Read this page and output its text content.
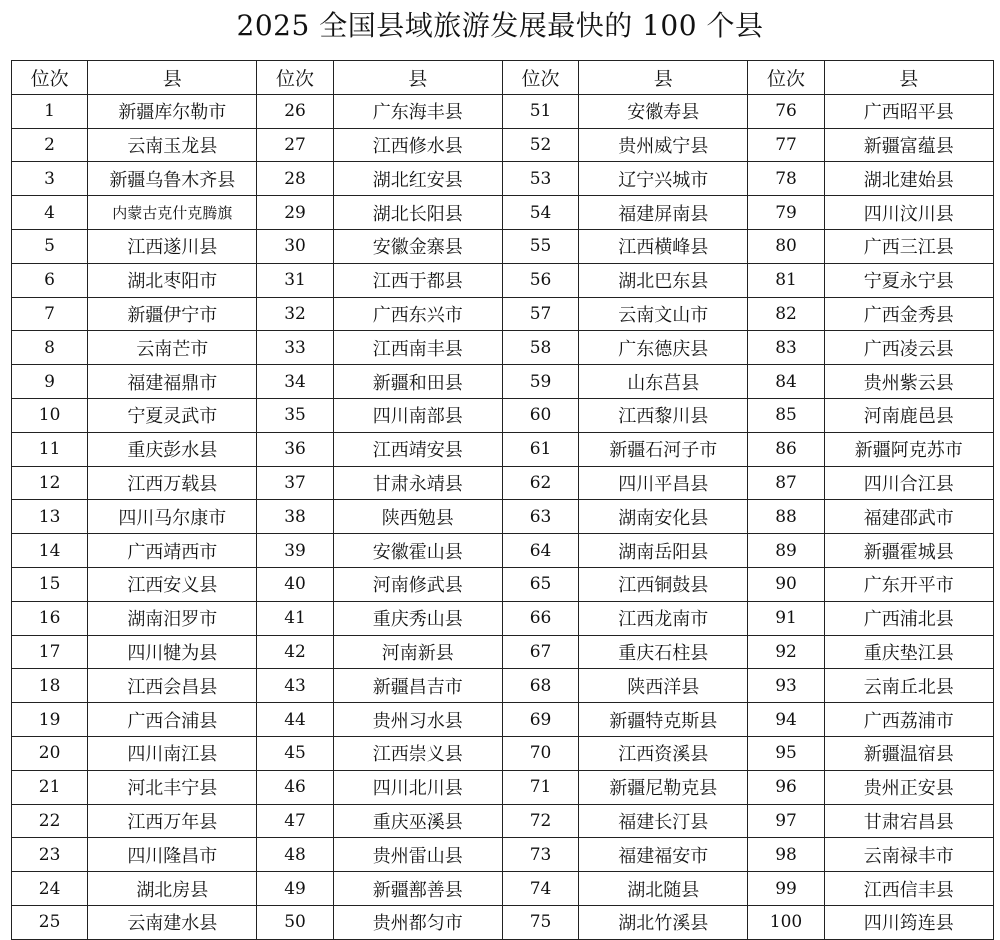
2025 全国县域旅游发展最快的 100 个县
位次	县	位次	县	位次	县	位次	县
1	新疆库尔勒市	26	广东海丰县	51	安徽寿县	76	广西昭平县
2	云南玉龙县	27	江西修水县	52	贵州威宁县	77	新疆富蕴县
3	新疆乌鲁木齐县	28	湖北红安县	53	辽宁兴城市	78	湖北建始县
4	内蒙古克什克腾旗	29	湖北长阳县	54	福建屏南县	79	四川汶川县
5	江西遂川县	30	安徽金寨县	55	江西横峰县	80	广西三江县
6	湖北枣阳市	31	江西于都县	56	湖北巴东县	81	宁夏永宁县
7	新疆伊宁市	32	广西东兴市	57	云南文山市	82	广西金秀县
8	云南芒市	33	江西南丰县	58	广东德庆县	83	广西凌云县
9	福建福鼎市	34	新疆和田县	59	山东莒县	84	贵州紫云县
10	宁夏灵武市	35	四川南部县	60	江西黎川县	85	河南鹿邑县
11	重庆彭水县	36	江西靖安县	61	新疆石河子市	86	新疆阿克苏市
12	江西万载县	37	甘肃永靖县	62	四川平昌县	87	四川合江县
13	四川马尔康市	38	陕西勉县	63	湖南安化县	88	福建邵武市
14	广西靖西市	39	安徽霍山县	64	湖南岳阳县	89	新疆霍城县
15	江西安义县	40	河南修武县	65	江西铜鼓县	90	广东开平市
16	湖南汨罗市	41	重庆秀山县	66	江西龙南市	91	广西浦北县
17	四川犍为县	42	河南新县	67	重庆石柱县	92	重庆垫江县
18	江西会昌县	43	新疆昌吉市	68	陕西洋县	93	云南丘北县
19	广西合浦县	44	贵州习水县	69	新疆特克斯县	94	广西荔浦市
20	四川南江县	45	江西崇义县	70	江西资溪县	95	新疆温宿县
21	河北丰宁县	46	四川北川县	71	新疆尼勒克县	96	贵州正安县
22	江西万年县	47	重庆巫溪县	72	福建长汀县	97	甘肃宕昌县
23	四川隆昌市	48	贵州雷山县	73	福建福安市	98	云南禄丰市
24	湖北房县	49	新疆鄯善县	74	湖北随县	99	江西信丰县
25	云南建水县	50	贵州都匀市	75	湖北竹溪县	100	四川筠连县
